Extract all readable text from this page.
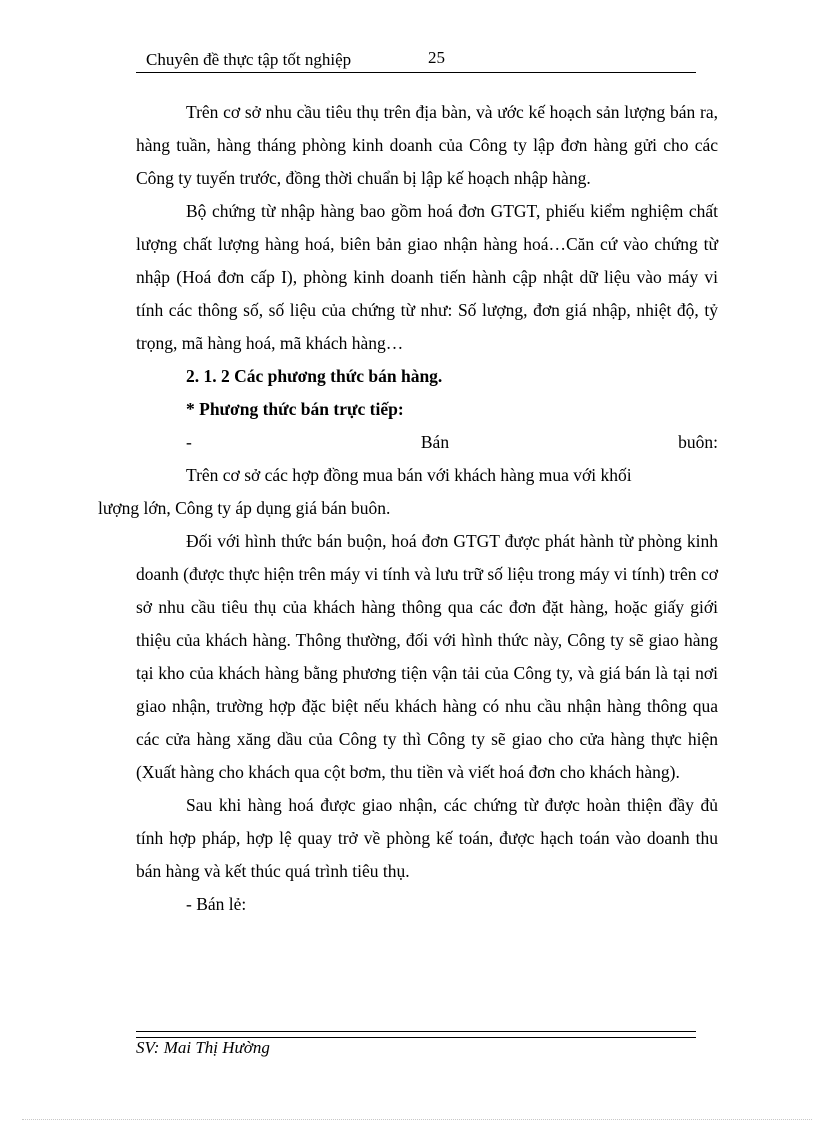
Chuyên đề thực tập tốt nghiệp	25

Trên cơ sở nhu cầu tiêu thụ trên địa bàn, và ước kế hoạch sản lượng bán ra, hàng tuần, hàng tháng phòng kinh doanh của Công ty lập đơn hàng gửi cho các Công ty tuyến trước, đồng thời chuẩn bị lập kế hoạch nhập hàng.

Bộ chứng từ nhập hàng bao gồm hoá đơn GTGT, phiếu kiểm nghiệm chất lượng chất lượng hàng hoá, biên bản giao nhận hàng hoá…Căn cứ vào chứng từ nhập (Hoá đơn cấp I), phòng kinh doanh tiến hành cập nhật dữ liệu vào máy vi tính các thông số, số liệu của chứng từ như: Số lượng, đơn giá nhập, nhiệt độ, tỷ trọng, mã hàng hoá, mã khách hàng…

2. 1. 2 Các phương thức bán hàng.

* Phương thức bán trực tiếp:

-	Bán	buôn:

Trên cơ sở các hợp đồng mua bán với khách hàng mua với khối
lượng lớn, Công ty áp dụng giá bán buôn.

Đối với hình thức bán buộn, hoá đơn GTGT được phát hành từ phòng kinh doanh (được thực hiện trên máy vi tính và lưu trữ số liệu trong máy vi tính) trên cơ sở nhu cầu tiêu thụ của khách hàng thông qua các đơn đặt hàng, hoặc giấy giới thiệu của khách hàng. Thông thường, đối với hình thức này, Công ty sẽ giao hàng tại kho của khách hàng bằng phương tiện vận tải của Công ty, và giá bán là tại nơi giao nhận, trường hợp đặc biệt nếu khách hàng có nhu cầu nhận hàng thông qua các cửa hàng xăng dầu của Công ty thì Công ty sẽ giao cho cửa hàng thực hiện (Xuất hàng cho khách qua cột bơm, thu tiền và viết hoá đơn cho khách hàng).

Sau khi hàng hoá được giao nhận, các chứng từ được hoàn thiện đầy đủ tính hợp pháp, hợp lệ quay trở về phòng kế toán, được hạch toán vào doanh thu bán hàng và kết thúc quá trình tiêu thụ.

- Bán lẻ:

SV: Mai Thị Hường
